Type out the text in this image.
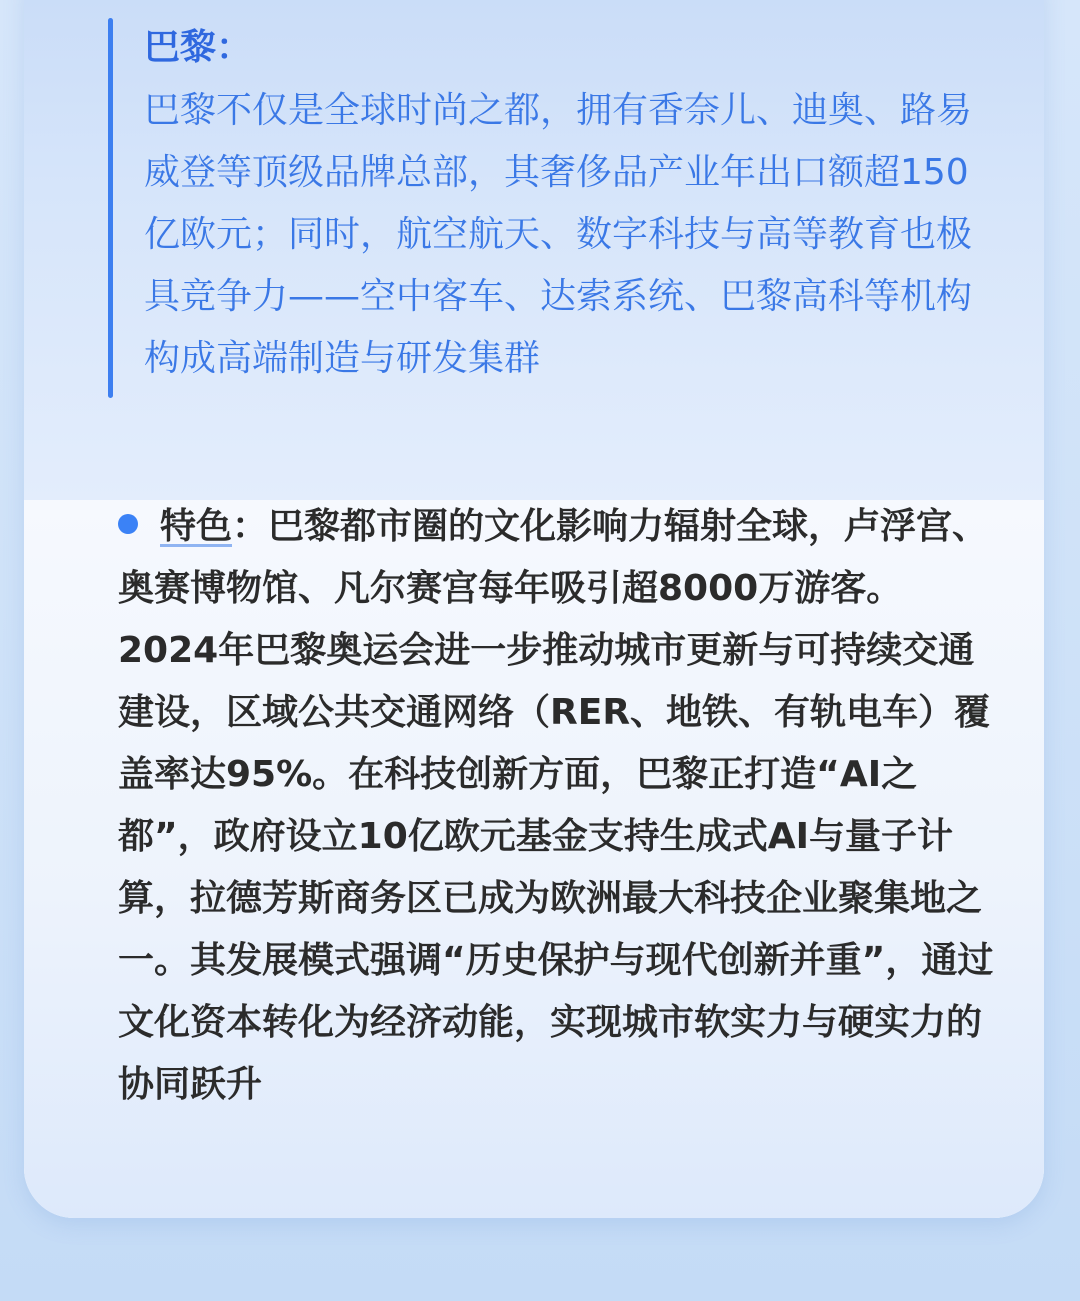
巴黎：

巴黎不仅是全球时尚之都，拥有香奈儿、迪奥、路易威登等顶级品牌总部，其奢侈品产业年出口额超150亿欧元；同时，航空航天、数字科技与高等教育也极具竞争力——空中客车、达索系统、巴黎高科等机构构成高端制造与研发集群

特色：巴黎都市圈的文化影响力辐射全球，卢浮宫、奥赛博物馆、凡尔赛宫每年吸引超8000万游客。2024年巴黎奥运会进一步推动城市更新与可持续交通建设，区域公共交通网络（RER、地铁、有轨电车）覆盖率达95%。在科技创新方面，巴黎正打造“AI之都”，政府设立10亿欧元基金支持生成式AI与量子计算，拉德芳斯商务区已成为欧洲最大科技企业聚集地之一。其发展模式强调“历史保护与现代创新并重”，通过文化资本转化为经济动能，实现城市软实力与硬实力的协同跃升
